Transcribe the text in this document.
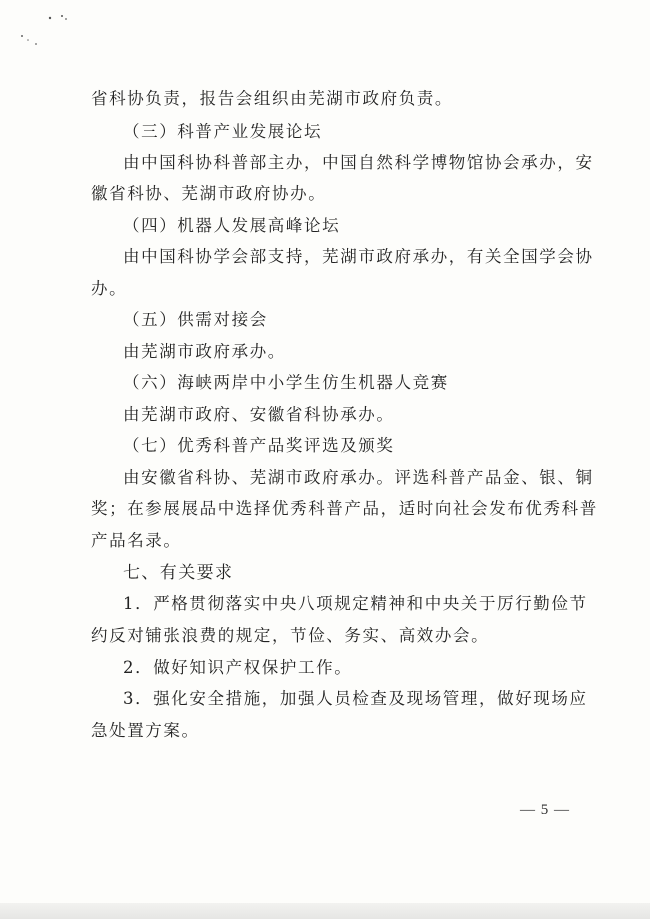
省科协负责，报告会组织由芜湖市政府负责。
（三）科普产业发展论坛
由中国科协科普部主办，中国自然科学博物馆协会承办，安
徽省科协、芜湖市政府协办。
（四）机器人发展高峰论坛
由中国科协学会部支持，芜湖市政府承办，有关全国学会协
办。
（五）供需对接会
由芜湖市政府承办。
（六）海峡两岸中小学生仿生机器人竞赛
由芜湖市政府、安徽省科协承办。
（七）优秀科普产品奖评选及颁奖
由安徽省科协、芜湖市政府承办。评选科普产品金、银、铜
奖；在参展展品中选择优秀科普产品，适时向社会发布优秀科普
产品名录。
七、有关要求
1．严格贯彻落实中央八项规定精神和中央关于厉行勤俭节
约反对铺张浪费的规定，节俭、务实、高效办会。
2．做好知识产权保护工作。
3．强化安全措施，加强人员检查及现场管理，做好现场应
急处置方案。
— 5 —
